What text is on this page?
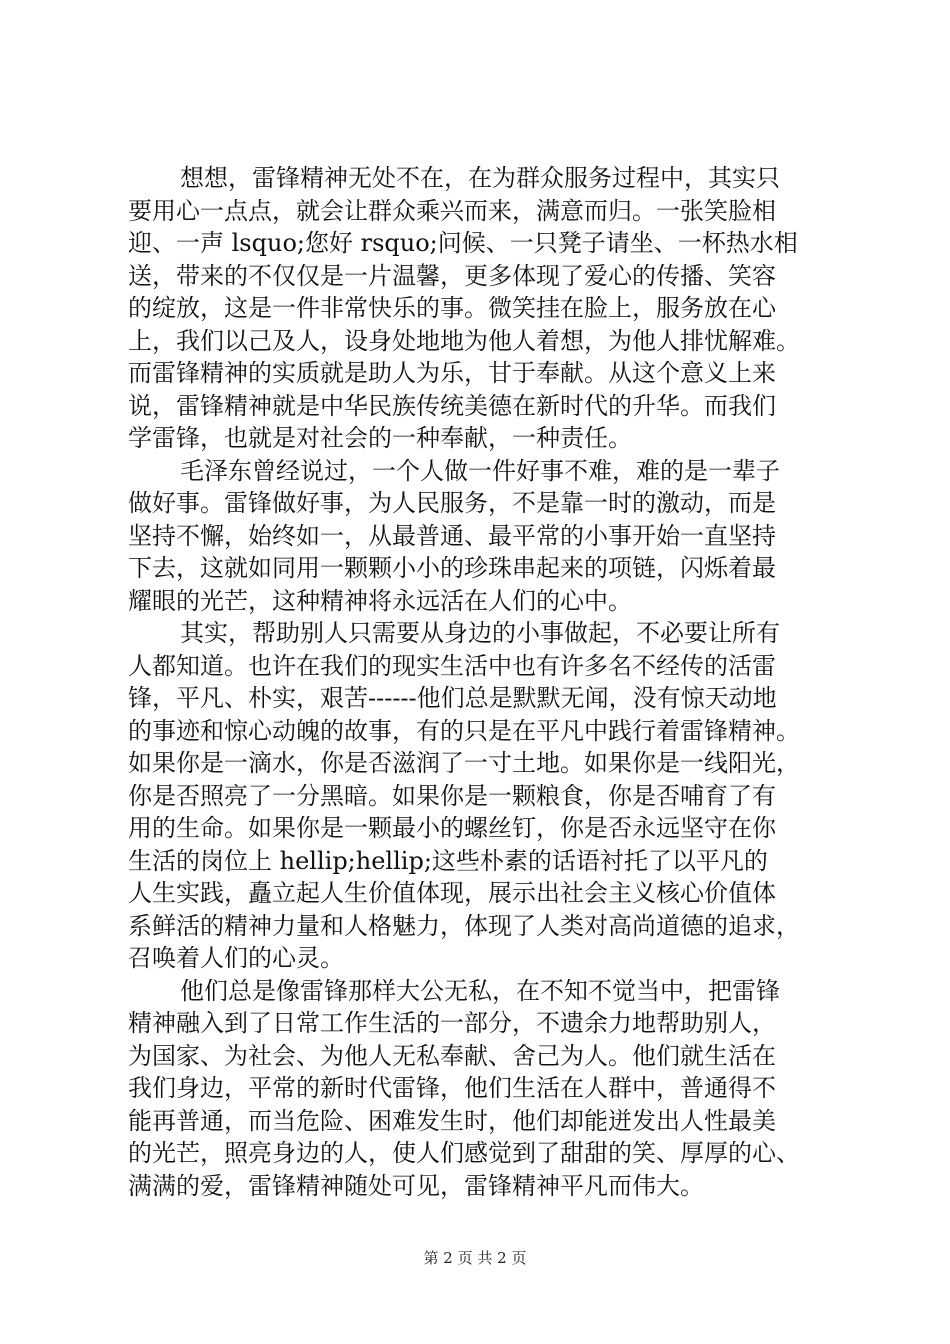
想想，雷锋精神无处不在，在为群众服务过程中，其实只
要用心一点点，就会让群众乘兴而来，满意而归。一张笑脸相
迎、一声 lsquo;您好 rsquo;问候、一只凳子请坐、一杯热水相
送，带来的不仅仅是一片温馨，更多体现了爱心的传播、笑容
的绽放，这是一件非常快乐的事。微笑挂在脸上，服务放在心
上，我们以己及人，设身处地地为他人着想，为他人排忧解难。
而雷锋精神的实质就是助人为乐，甘于奉献。从这个意义上来
说，雷锋精神就是中华民族传统美德在新时代的升华。而我们
学雷锋，也就是对社会的一种奉献，一种责任。
毛泽东曾经说过，一个人做一件好事不难，难的是一辈子
做好事。雷锋做好事，为人民服务，不是靠一时的激动，而是
坚持不懈，始终如一，从最普通、最平常的小事开始一直坚持
下去，这就如同用一颗颗小小的珍珠串起来的项链，闪烁着最
耀眼的光芒，这种精神将永远活在人们的心中。
其实，帮助别人只需要从身边的小事做起，不必要让所有
人都知道。也许在我们的现实生活中也有许多名不经传的活雷
锋，平凡、朴实，艰苦------他们总是默默无闻，没有惊天动地
的事迹和惊心动魄的故事，有的只是在平凡中践行着雷锋精神。
如果你是一滴水，你是否滋润了一寸土地。如果你是一线阳光，
你是否照亮了一分黑暗。如果你是一颗粮食，你是否哺育了有
用的生命。如果你是一颗最小的螺丝钉，你是否永远坚守在你
生活的岗位上 hellip;hellip;这些朴素的话语衬托了以平凡的
人生实践，矗立起人生价值体现，展示出社会主义核心价值体
系鲜活的精神力量和人格魅力，体现了人类对高尚道德的追求，
召唤着人们的心灵。
他们总是像雷锋那样大公无私，在不知不觉当中，把雷锋
精神融入到了日常工作生活的一部分，不遗余力地帮助别人，
为国家、为社会、为他人无私奉献、舍己为人。他们就生活在
我们身边，平常的新时代雷锋，他们生活在人群中，普通得不
能再普通，而当危险、困难发生时，他们却能迸发出人性最美
的光芒，照亮身边的人，使人们感觉到了甜甜的笑、厚厚的心、
满满的爱，雷锋精神随处可见，雷锋精神平凡而伟大。
第 2 页 共 2 页
